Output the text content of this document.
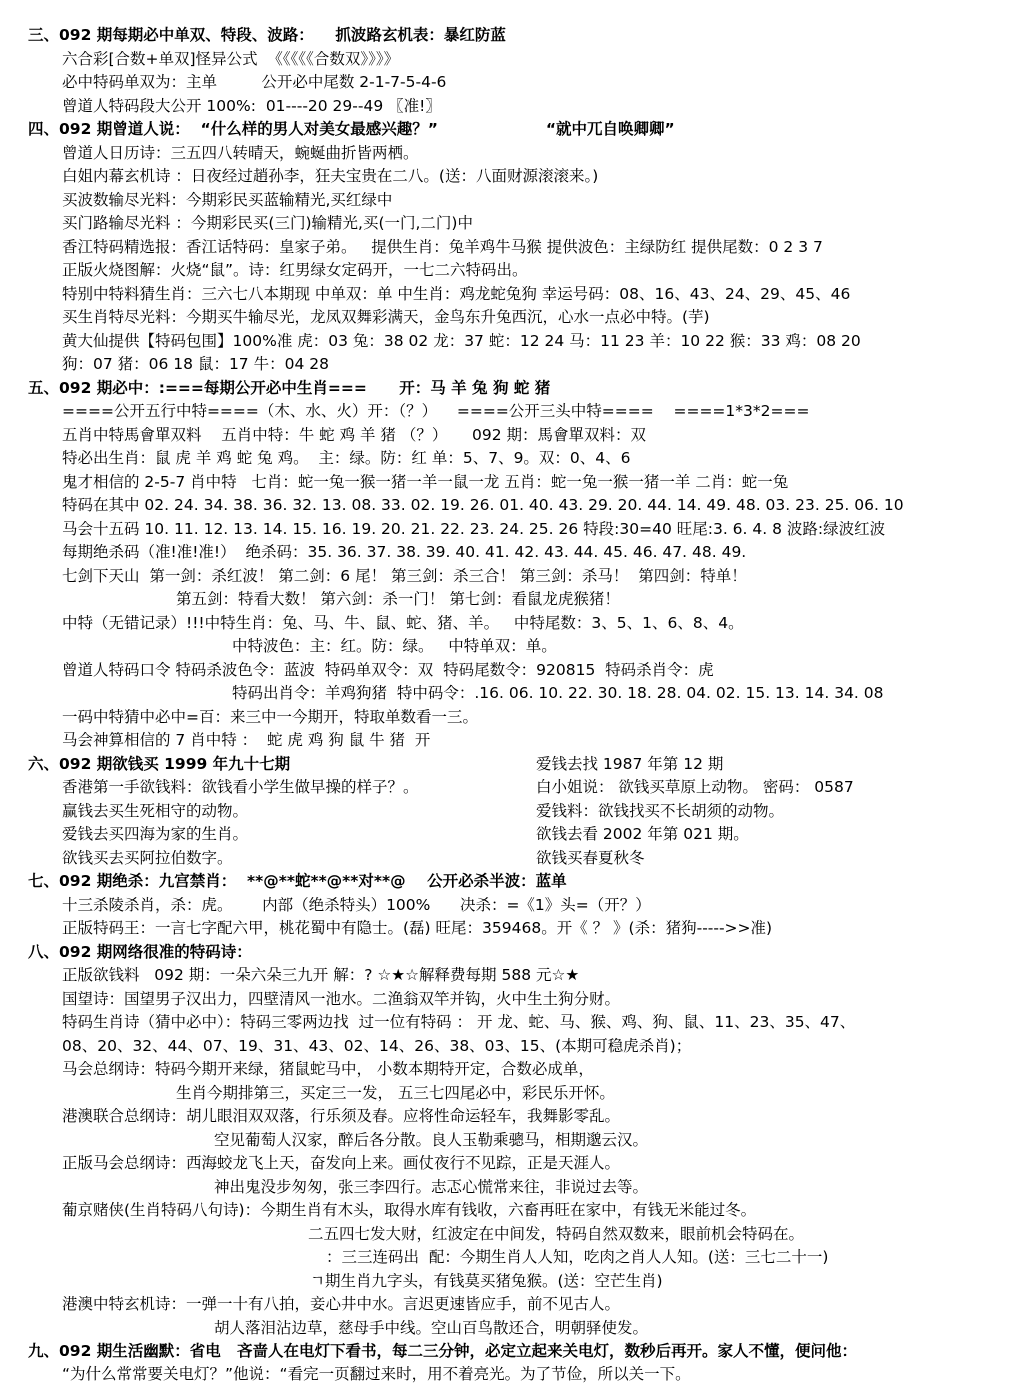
三、092 期每期必中单双、特段、波路：    抓波路玄机表：暴红防蓝
六合彩[合数+单双]怪异公式  《《《《《合数双》》》》
必中特码单双为：主单         公开必中尾数 2-1-7-5-4-6
曾道人特码段大公开 100%:  01----20 29--49 〖准!〗
四、092 期曾道人说：  “什么样的男人对美女最感兴趣？”                    “就中兀自唤卿卿”
曾道人日历诗：三五四八转晴天，蜿蜒曲折皆两栖。
白姐内幕玄机诗 ：日夜经过趙孙李，狂夫宝贵在二八。(送：八面财源滚滚来。)
买波数输尽光料：今期彩民买蓝输精光,买红绿中
买门路输尽光料 ：今期彩民买(三门)输精光,买(一门,二门)中
香江特码精选报：香江话特码：皇家子弟。   提供生肖：兔羊鸡牛马猴 提供波色：主绿防红 提供尾数：0 2 3 7
正版火烧图解：火烧“鼠”。诗：红男绿女定码开，一七二六特码出。
特别中特料猜生肖：三六七八本期现 中单双：单 中生肖：鸡龙蛇兔狗 幸运号码：08、16、43、24、29、45、46
买生肖特尽光料：今期买牛输尽光，龙凤双舞彩满天，金鸟东升兔西沉，心水一点必中特。(芋)
黄大仙提供【特码包围】100%准 虎：03 兔：38 02 龙：37 蛇：12 24 马：11 23 羊：10 22 猴：33 鸡：08 20
狗：07 猪：06 18 鼠：17 牛：04 28
五、092 期必中：:===每期公开必中生肖===      开：马 羊 兔 狗 蛇 猪
====公开五行中特====（木、水、火）开：（？）    ====公开三头中特====    ====1*3*2===
五肖中特馬會單双料    五肖中特：牛 蛇 鸡 羊 猪 （？）     092 期：馬會單双料：双
特必出生肖：鼠 虎 羊 鸡 蛇 兔 鸡。  主：绿。防：红 单：5、7、9。双：0、4、6
鬼才相信的 2-5-7 肖中特   七肖：蛇一兔一猴一猪一羊一鼠一龙 五肖：蛇一兔一猴一猪一羊 二肖：蛇一兔
特码在其中 02. 24. 34. 38. 36. 32. 13. 08. 33. 02. 19. 26. 01. 40. 43. 29. 20. 44. 14. 49. 48. 03. 23. 25. 06. 10
马会十五码 10. 11. 12. 13. 14. 15. 16. 19. 20. 21. 22. 23. 24. 25. 26 特段:30=40 旺尾:3. 6. 4. 8 波路:绿波红波
每期绝杀码（准!准!准!）  绝杀码：35. 36. 37. 38. 39. 40. 41. 42. 43. 44. 45. 46. 47. 48. 49.
七剑下天山  第一剑：杀红波！ 第二剑：6 尾！ 第三剑：杀三合！ 第三剑：杀马！  第四剑：特单！
第五剑：特看大数！ 第六剑：杀一门！ 第七剑：看鼠龙虎猴猪！
中特（无错记录）!!!中特生肖：兔、马、牛、鼠、蛇、猪、羊。   中特尾数：3、5、1、6、8、4。
中特波色：主：红。防：绿。   中特单双：单。
曾道人特码口令 特码杀波色令：蓝波  特码单双令：双  特码尾数令：920815  特码杀肖令：虎
特码出肖令：羊鸡狗猪  特中码令：.16. 06. 10. 22. 30. 18. 28. 04. 02. 15. 13. 14. 34. 08
一码中特猜中必中=百：来三中一今期开，特取单数看一三。
马会神算相信的 7 肖中特 ：  蛇 虎 鸡 狗 鼠 牛 猪  开
六、092 期欲钱买 1999 年九十七期	爱钱去找 1987 年第 12 期
香港第一手欲钱料：欲钱看小学生做早操的样子？。	白小姐说： 欲钱买草原上动物。 密码： 0587
赢钱去买生死相守的动物。	爱钱料：欲钱找买不长胡须的动物。
爱钱去买四海为家的生肖。	欲钱去看 2002 年第 021 期。
欲钱买去买阿拉伯数字。	欲钱买春夏秋冬
七、092 期绝杀：九宫禁肖：  **@**蛇**@**对**@    公开必杀半波：蓝单
十三杀陵杀肖，杀：虎。      内部（绝杀特头）100%      决杀：=《1》头=（开？）
正版特码王：一言七字配六甲，桃花蜀中有隐士。(磊) 旺尾：359468。开《 ？ 》(杀：猪狗----->>准)
八、092 期网络很准的特码诗：
正版欲钱料   092 期：一朵六朵三九开 解：? ☆★☆解释费每期 588 元☆★
国望诗：国望男子汉出力，四壁清风一池水。二渔翁双竿并钩，火中生土狗分财。
特码生肖诗（猜中必中）：特码三零两边找  过一位有特码 ： 开 龙、蛇、马、猴、鸡、狗、鼠、11、23、35、47、
08、20、32、44、07、19、31、43、02、14、26、38、03、15、(本期可稳虎杀肖)；
马会总纲诗：特码今期开来绿，猪鼠蛇马中， 小数本期特开定，合数必成单，
生肖今期排第三，买定三一发， 五三七四尾必中，彩民乐开怀。
港澳联合总纲诗：胡儿眼泪双双落，行乐须及春。应将性命运轻车，我舞影零乱。
空见葡萄人汉家，醉后各分散。良人玉勒乘骢马，相期邈云汉。
正版马会总纲诗：西海蛟龙飞上天，奋发向上来。画仗夜行不见踪，正是天涯人。
神出鬼没步匆匆，张三李四行。志忑心慌常来往，非说过去等。
葡京赌侠(生肖特码八句诗)：今期生肖有木头，取得水库有钱收，六畜再旺在家中，有钱无米能过冬。
二五四七发大财，红波定在中间发，特码自然双数来，眼前机会特码在。
：三三连码出  配：今期生肖人人知，吃肉之肖人人知。(送：三七二十一)
ㄱ期生肖九字头，有钱莫买猪兔猴。(送：空芒生肖)
港澳中特玄机诗：一弹一十有八拍，妾心井中水。言迟更速皆应手，前不见古人。
胡人落泪沾边草，慈母手中线。空山百鸟散还合，明朝驿使发。
九、092 期生活幽默：省电   吝啬人在电灯下看书，每二三分钟，必定立起来关电灯，数秒后再开。家人不懂，便问他：
“为什么常常要关电灯？”他说：“看完一页翻过来时，用不着亮光。为了节俭，所以关一下。
